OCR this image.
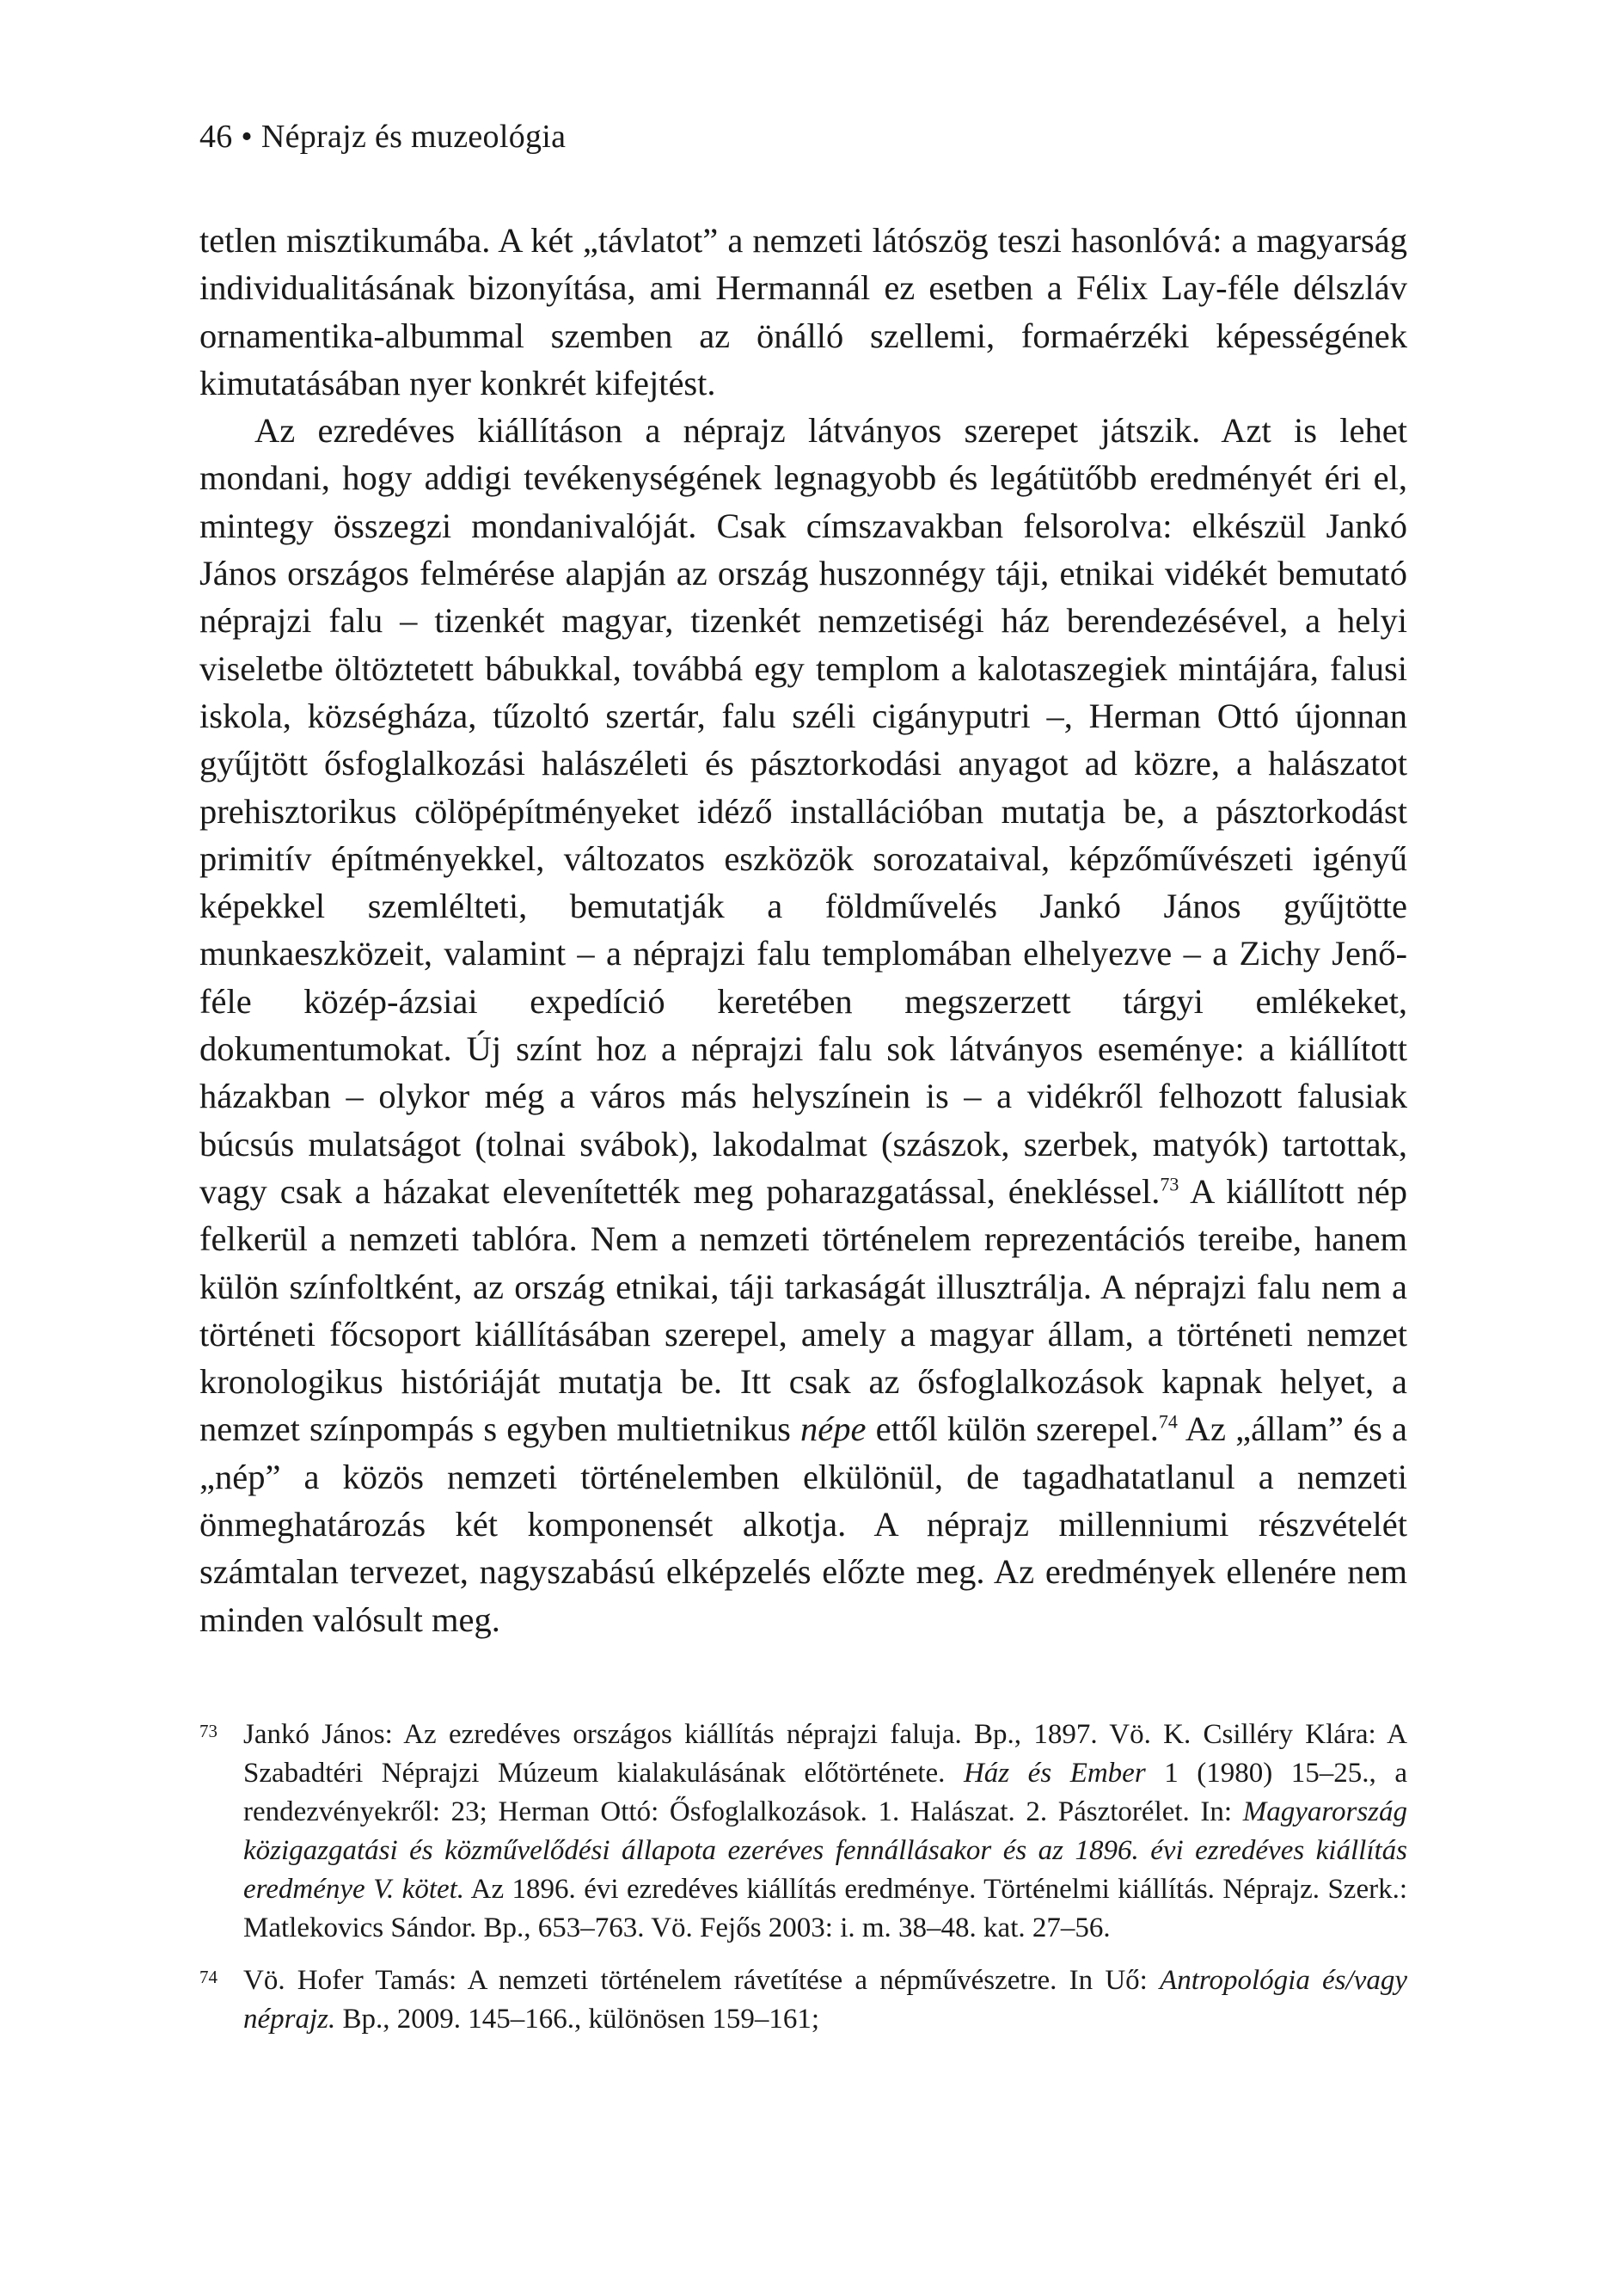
46 • Néprajz és muzeológia

tetlen misztikumába. A két „távlatot” a nemzeti látószög teszi hasonlóvá: a magyarság individualitásának bizonyítása, ami Hermannál ez esetben a Félix Lay-féle délszláv ornamentika-albummal szemben az önálló szellemi, formaérzéki képességének kimutatásában nyer konkrét kifejtést.

Az ezredéves kiállításon a néprajz látványos szerepet játszik. Azt is lehet mondani, hogy addigi tevékenységének legnagyobb és legátütőbb eredményét éri el, mintegy összegzi mondanivalóját. Csak címszavakban felsorolva: elkészül Jankó János országos felmérése alapján az ország huszonnégy táji, etnikai vidékét bemutató néprajzi falu – tizenkét magyar, tizenkét nemzetiségi ház berendezésével, a helyi viseletbe öltöztetett bábukkal, továbbá egy templom a kalotaszegiek mintájára, falusi iskola, községháza, tűzoltó szertár, falu széli cigányputri –, Herman Ottó újonnan gyűjtött ősfoglalkozási halászéleti és pásztorkodási anyagot ad közre, a halászatot prehisztorikus cölöpépítményeket idéző installációban mutatja be, a pásztorkodást primitív építményekkel, változatos eszközök sorozataival, képzőművészeti igényű képekkel szemlélteti, bemutatják a földművelés Jankó János gyűjtötte munkaeszközeit, valamint – a néprajzi falu templomában elhelyezve – a Zichy Jenő-féle közép-ázsiai expedíció keretében megszerzett tárgyi emlékeket, dokumentumokat. Új színt hoz a néprajzi falu sok látványos eseménye: a kiállított házakban – olykor még a város más helyszínein is – a vidékről felhozott falusiak búcsús mulatságot (tolnai svábok), lakodalmat (szászok, szerbek, matyók) tartottak, vagy csak a házakat elevenítették meg poharazgatással, énekléssel.$^{73}$ A kiállított nép felkerül a nemzeti tablóra. Nem a nemzeti történelem reprezentációs tereibe, hanem külön színfoltként, az ország etnikai, táji tarkaságát illusztrálja. A néprajzi falu nem a történeti főcsoport kiállításában szerepel, amely a magyar állam, a történeti nemzet kronologikus históriáját mutatja be. Itt csak az ősfoglalkozások kapnak helyet, a nemzet színpompás s egyben multietnikus népe ettől külön szerepel.$^{74}$ Az „állam” és a „nép” a közös nemzeti történelemben elkülönül, de tagadhatatlanul a nemzeti önmeghatározás két komponensét alkotja. A néprajz millenniumi részvételét számtalan tervezet, nagyszabású elképzelés előzte meg. Az eredmények ellenére nem minden valósult meg.

73 Jankó János: Az ezredéves országos kiállítás néprajzi faluja. Bp., 1897. Vö. K. Csilléry Klára: A Szabadtéri Néprajzi Múzeum kialakulásának előtörténete. Ház és Ember 1 (1980) 15–25., a rendezvényekről: 23; Herman Ottó: Ősfoglalkozások. 1. Halászat. 2. Pásztorélet. In: Magyarország közigazgatási és közművelődési állapota ezeréves fennállásakor és az 1896. évi ezredéves kiállítás eredménye V. kötet. Az 1896. évi ezredéves kiállítás eredménye. Történelmi kiállítás. Néprajz. Szerk.: Matlekovics Sándor. Bp., 653–763. Vö. Fejős 2003: i. m. 38–48. kat. 27–56.
74 Vö. Hofer Tamás: A nemzeti történelem rávetítése a népművészetre. In Uő: Antropológia és/vagy néprajz. Bp., 2009. 145–166., különösen 159–161;
